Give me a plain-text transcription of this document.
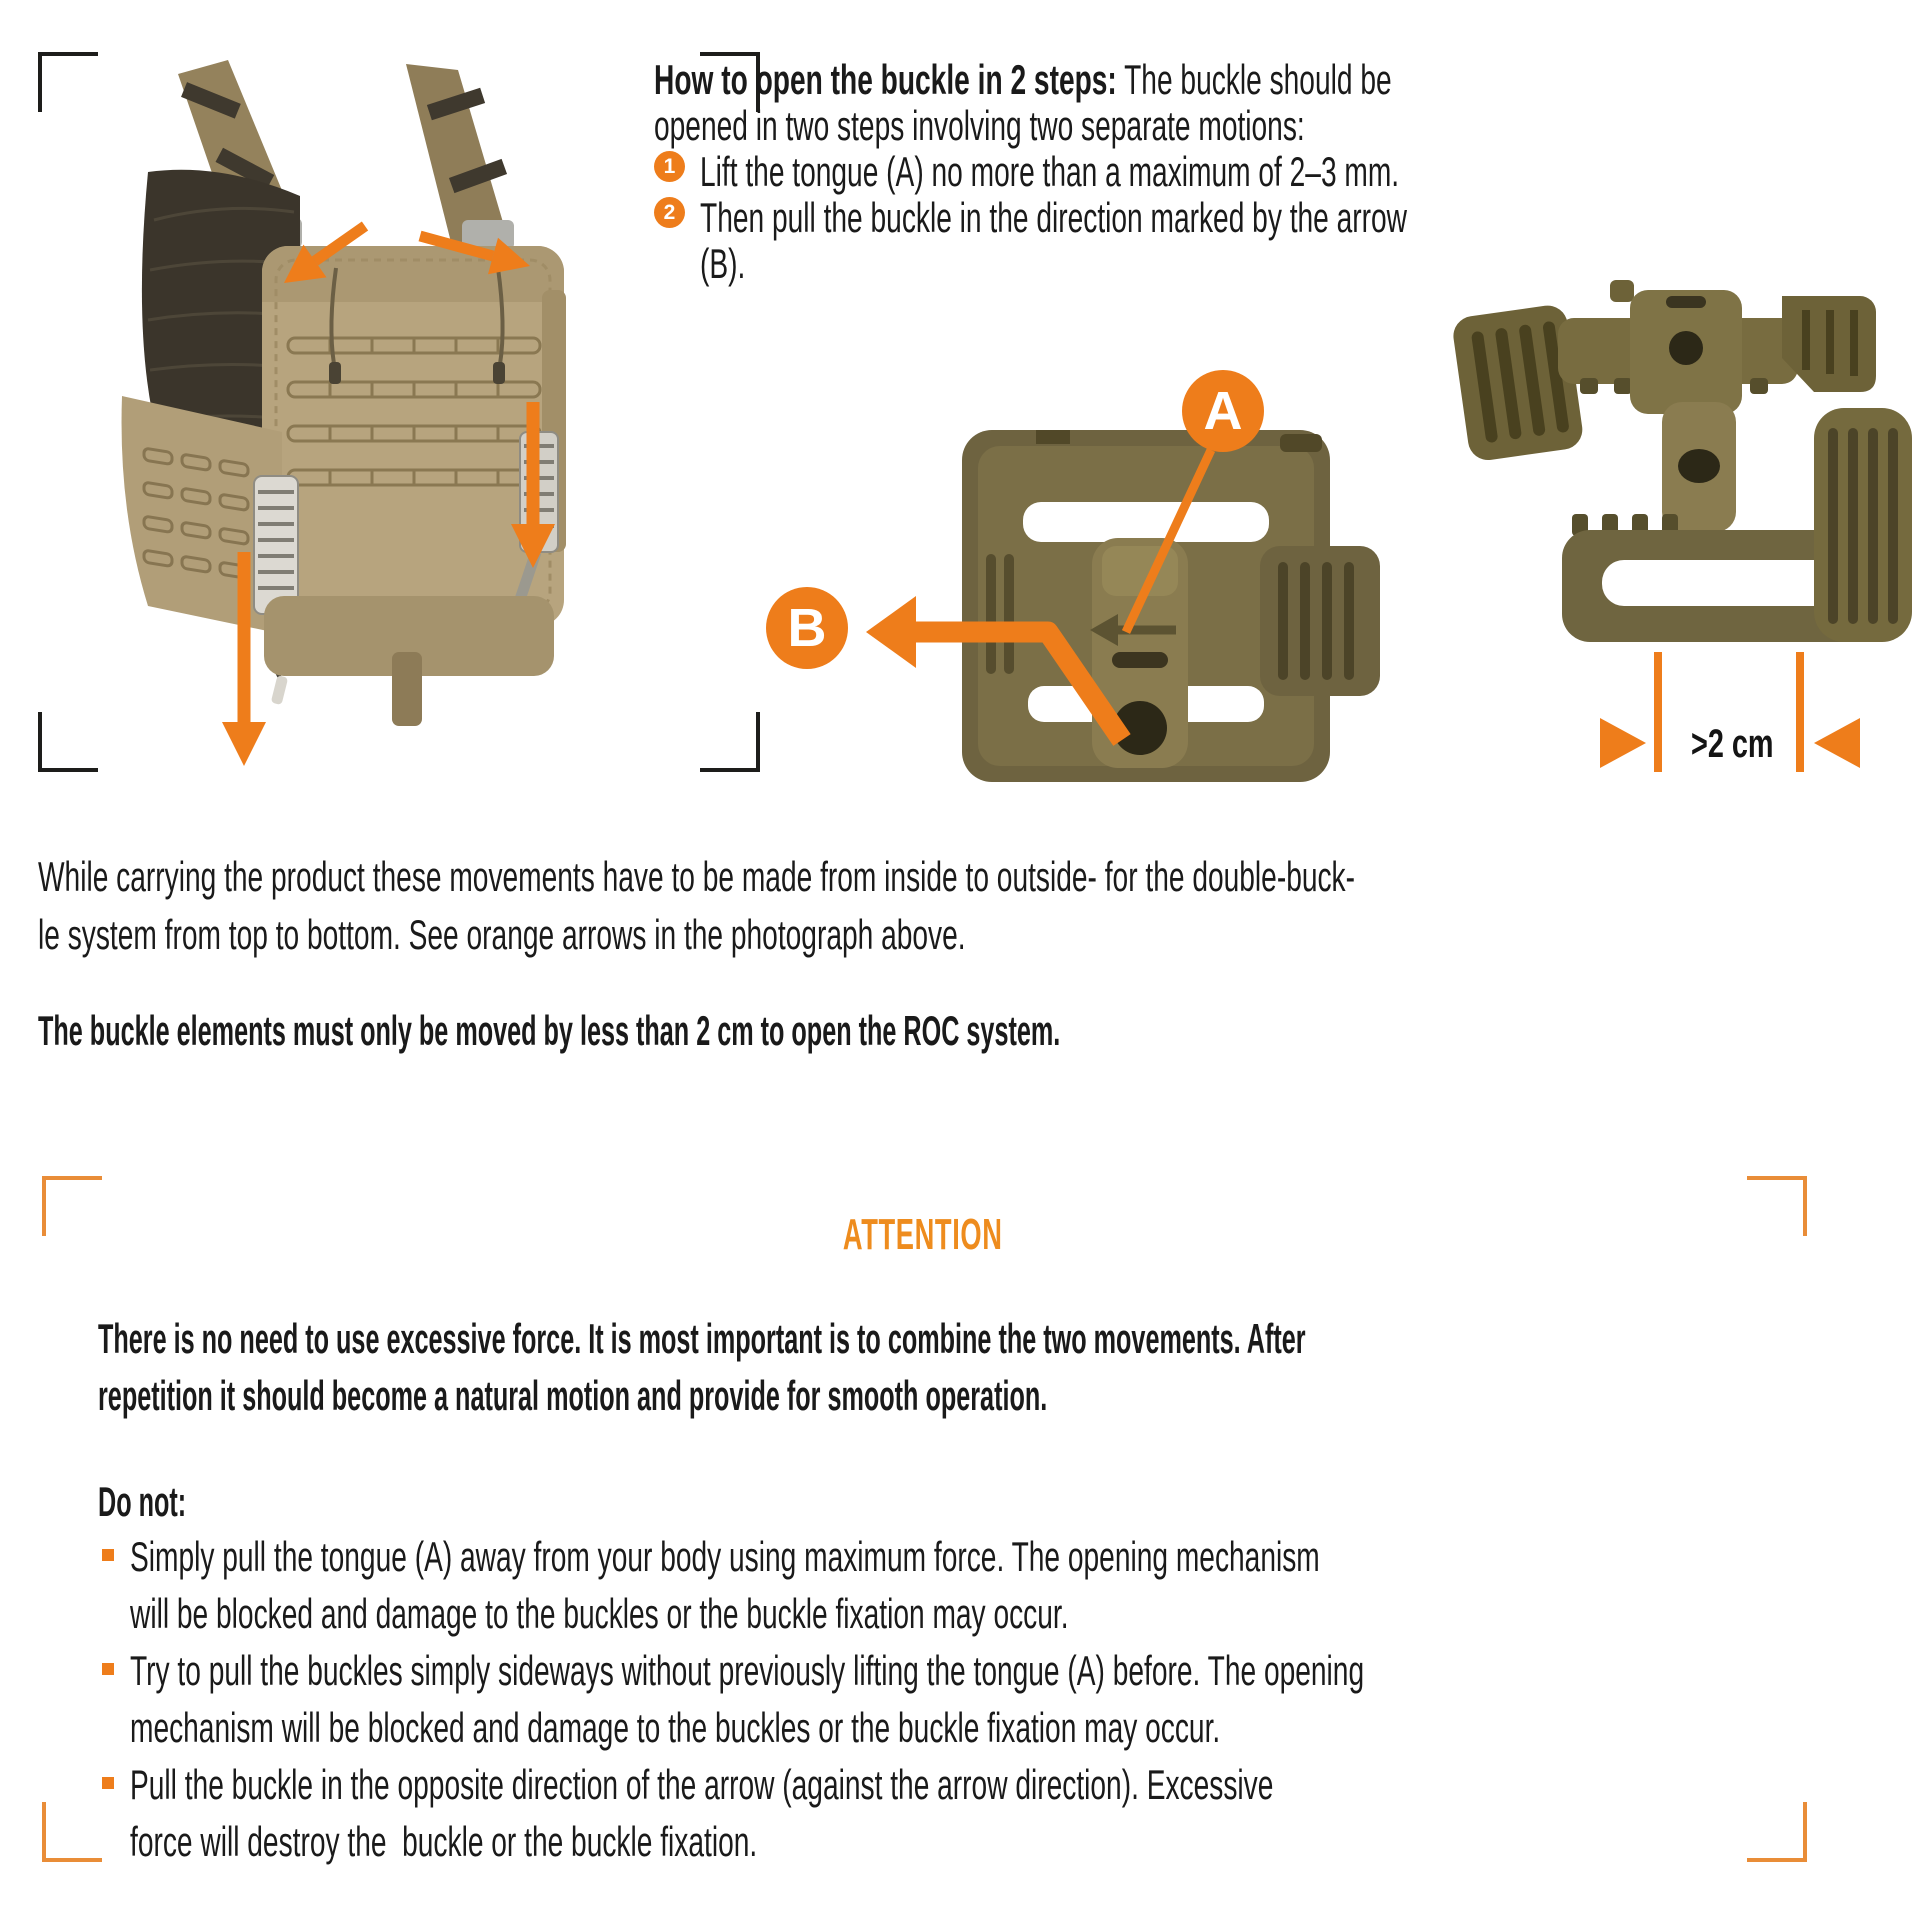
How to open the buckle in 2 steps: The buckle should be
opened in two steps involving two separate motions:
1 Lift the tongue (A) no more than a maximum of 2–3 mm.
2 Then pull the buckle in the direction marked by the arrow
(B).
A
B
>2 cm
While carrying the product these movements have to be made from inside to outside- for the double-buck-
le system from top to bottom. See orange arrows in the photograph above.
The buckle elements must only be moved by less than 2 cm to open the ROC system.
ATTENTION
There is no need to use excessive force. It is most important is to combine the two movements. After
repetition it should become a natural motion and provide for smooth operation.
Do not:
Simply pull the tongue (A) away from your body using maximum force. The opening mechanism
will be blocked and damage to the buckles or the buckle fixation may occur.
Try to pull the buckles simply sideways without previously lifting the tongue (A) before. The opening
mechanism will be blocked and damage to the buckles or the buckle fixation may occur.
Pull the buckle in the opposite direction of the arrow (against the arrow direction). Excessive
force will destroy the  buckle or the buckle fixation.
